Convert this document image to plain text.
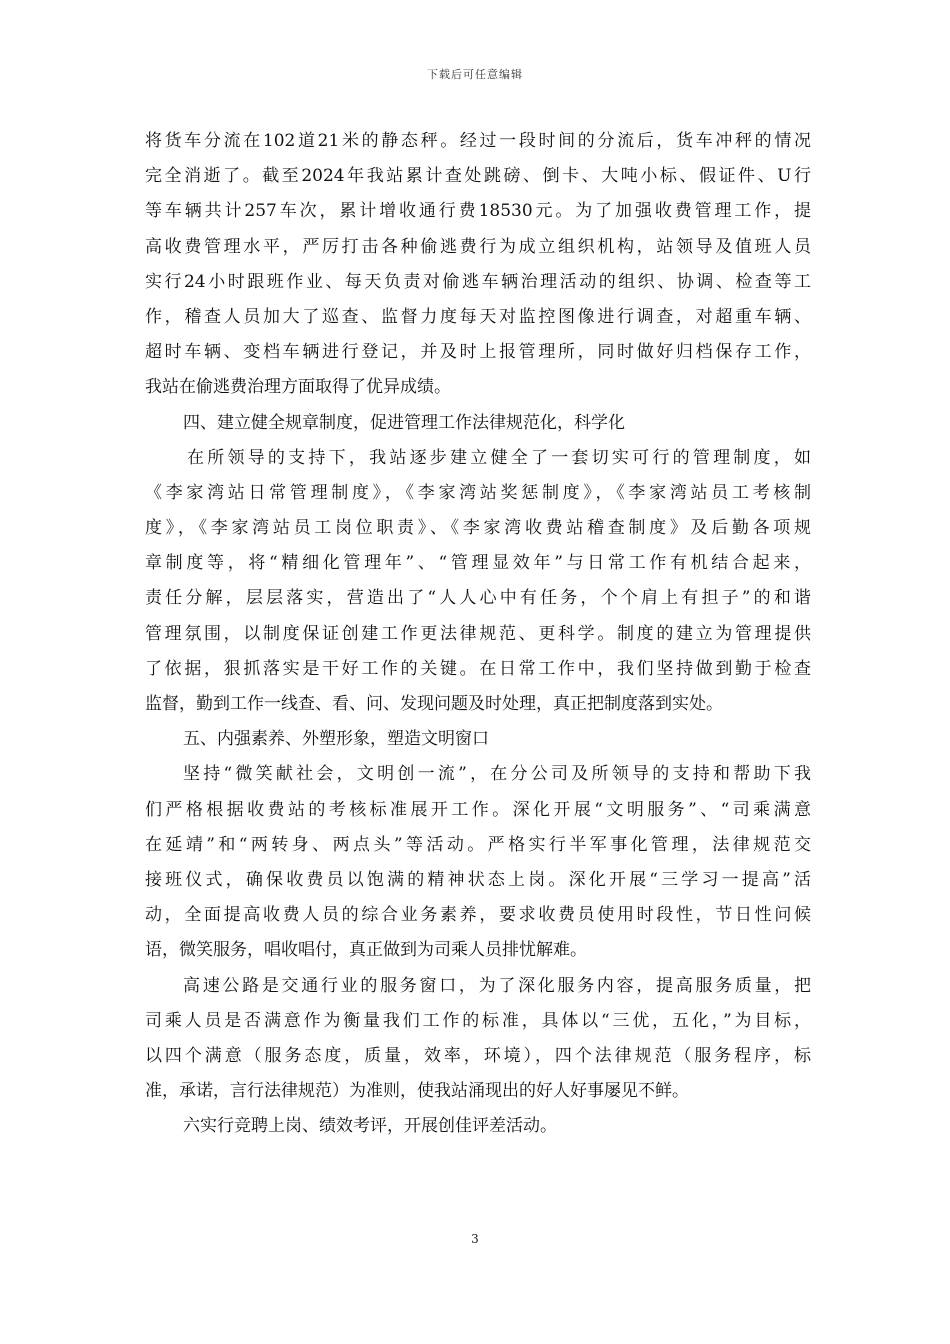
下载后可任意编辑
将货车分流在102道21米的静态秤。经过一段时间的分流后，货车冲秤的情况
完全消逝了。截至2024年我站累计查处跳磅、倒卡、大吨小标、假证件、U行
等车辆共计257车次，累计增收通行费18530元。为了加强收费管理工作，提
高收费管理水平，严厉打击各种偷逃费行为成立组织机构，站领导及值班人员
实行24小时跟班作业、每天负责对偷逃车辆治理活动的组织、协调、检查等工
作，稽查人员加大了巡查、监督力度每天对监控图像进行调查，对超重车辆、
超时车辆、变档车辆进行登记，并及时上报管理所，同时做好归档保存工作，
我站在偷逃费治理方面取得了优异成绩。
四、建立健全规章制度，促进管理工作法律规范化，科学化
在所领导的支持下，我站逐步建立健全了一套切实可行的管理制度，如
《李家湾站日常管理制度》，《李家湾站奖惩制度》，《李家湾站员工考核制
度》，《李家湾站员工岗位职责》、《李家湾收费站稽查制度》及后勤各项规
章制度等，将“精细化管理年”、“管理显效年”与日常工作有机结合起来，
责任分解，层层落实，营造出了“人人心中有任务，个个肩上有担子”的和谐
管理氛围，以制度保证创建工作更法律规范、更科学。制度的建立为管理提供
了依据，狠抓落实是干好工作的关键。在日常工作中，我们坚持做到勤于检查
监督，勤到工作一线查、看、问、发现问题及时处理，真正把制度落到实处。
五、内强素养、外塑形象，塑造文明窗口
坚持“微笑献社会，文明创一流”，在分公司及所领导的支持和帮助下我
们严格根据收费站的考核标准展开工作。深化开展“文明服务”、“司乘满意
在延靖”和“两转身、两点头”等活动。严格实行半军事化管理，法律规范交
接班仪式，确保收费员以饱满的精神状态上岗。深化开展“三学习一提高”活
动，全面提高收费人员的综合业务素养，要求收费员使用时段性，节日性问候
语，微笑服务，唱收唱付，真正做到为司乘人员排忧解难。
高速公路是交通行业的服务窗口，为了深化服务内容，提高服务质量，把
司乘人员是否满意作为衡量我们工作的标准，具体以“三优，五化，”为目标，
以四个满意（服务态度，质量，效率，环境），四个法律规范（服务程序，标
准，承诺，言行法律规范）为准则，使我站涌现出的好人好事屡见不鲜。
六实行竞聘上岗、绩效考评，开展创佳评差活动。
3
